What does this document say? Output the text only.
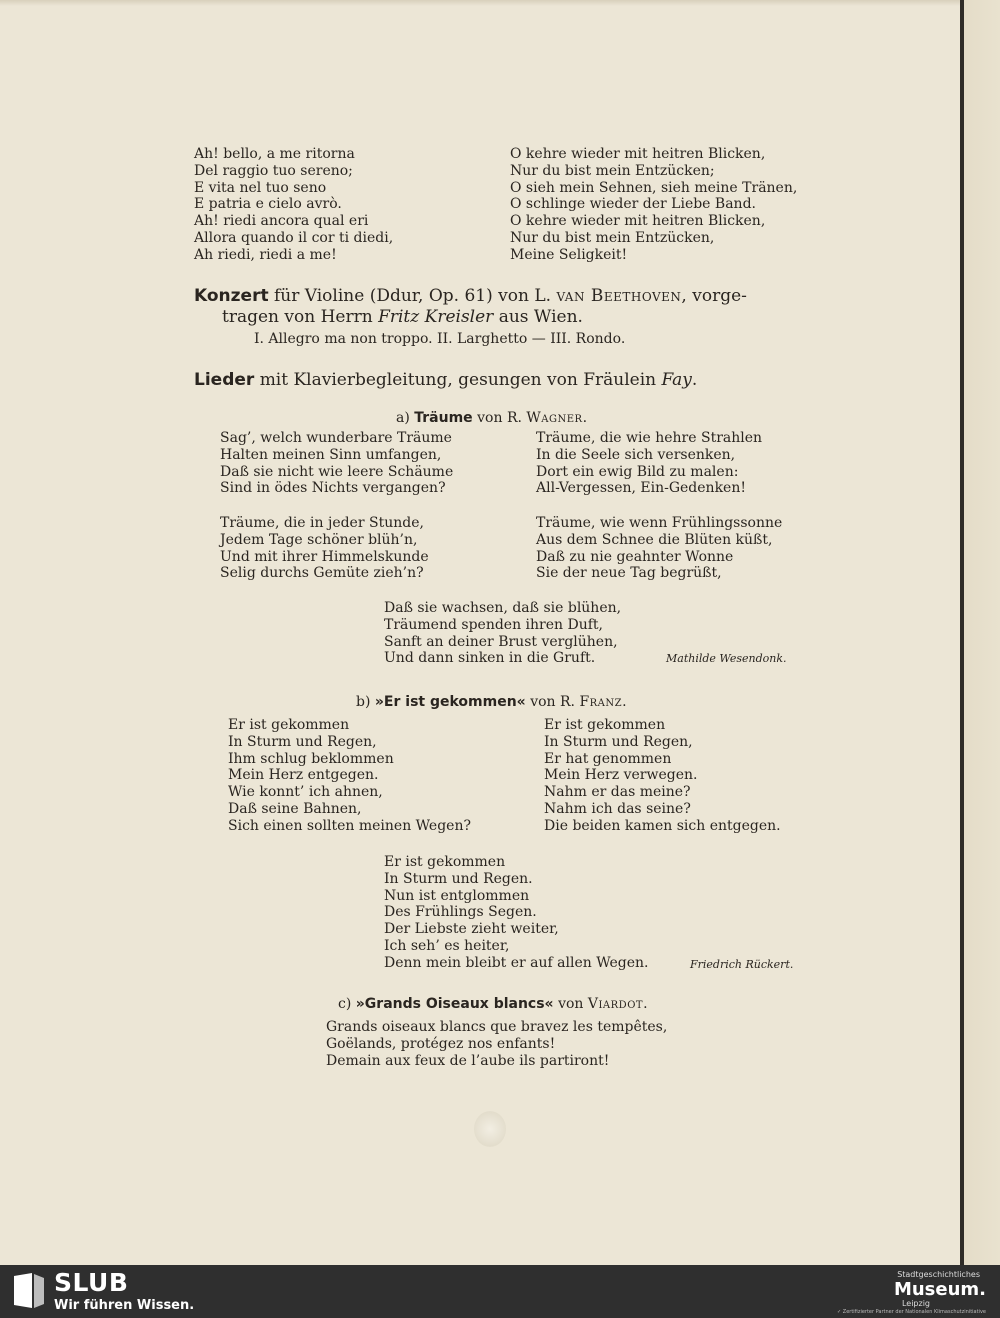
Ah! bello, a me ritorna
Del raggio tuo sereno;
E vita nel tuo seno
E patria e cielo avrò.
Ah! riedi ancora qual eri
Allora quando il cor ti diedi,
Ah riedi, riedi a me!
O kehre wieder mit heitren Blicken,
Nur du bist mein Entzücken;
O sieh mein Sehnen, sieh meine Tränen,
O schlinge wieder der Liebe Band.
O kehre wieder mit heitren Blicken,
Nur du bist mein Entzücken,
Meine Seligkeit!
Konzert für Violine (Ddur, Op. 61) von L. van Beethoven, vorge-
tragen von Herrn Fritz Kreisler aus Wien.
I. Allegro ma non troppo. II. Larghetto — III. Rondo.
Lieder mit Klavierbegleitung, gesungen von Fräulein Fay.
a) Träume von R. Wagner.
Sag’, welch wunderbare Träume
Halten meinen Sinn umfangen,
Daß sie nicht wie leere Schäume
Sind in ödes Nichts vergangen?
Träume, die wie hehre Strahlen
In die Seele sich versenken,
Dort ein ewig Bild zu malen:
All-Vergessen, Ein-Gedenken!
Träume, die in jeder Stunde,
Jedem Tage schöner blüh’n,
Und mit ihrer Himmelskunde
Selig durchs Gemüte zieh’n?
Träume, wie wenn Frühlingssonne
Aus dem Schnee die Blüten küßt,
Daß zu nie geahnter Wonne
Sie der neue Tag begrüßt,
Daß sie wachsen, daß sie blühen,
Träumend spenden ihren Duft,
Sanft an deiner Brust verglühen,
Und dann sinken in die Gruft.	Mathilde Wesendonk.
b) »Er ist gekommen« von R. Franz.
Er ist gekommen
In Sturm und Regen,
Ihm schlug beklommen
Mein Herz entgegen.
Wie konnt’ ich ahnen,
Daß seine Bahnen,
Sich einen sollten meinen Wegen?
Er ist gekommen
In Sturm und Regen,
Er hat genommen
Mein Herz verwegen.
Nahm er das meine?
Nahm ich das seine?
Die beiden kamen sich entgegen.
Er ist gekommen
In Sturm und Regen.
Nun ist entglommen
Des Frühlings Segen.
Der Liebste zieht weiter,
Ich seh’ es heiter,
Denn mein bleibt er auf allen Wegen.	Friedrich Rückert.
c) »Grands Oiseaux blancs« von Viardot.
Grands oiseaux blancs que bravez les tempêtes,
Goëlands, protégez nos enfants!
Demain aux feux de l’aube ils partiront!
SLUB
Wir führen Wissen.
Stadtgeschichtliches
Museum.
Leipzig
✓ Zertifizierter Partner der Nationalen Klimaschutzinitiative
